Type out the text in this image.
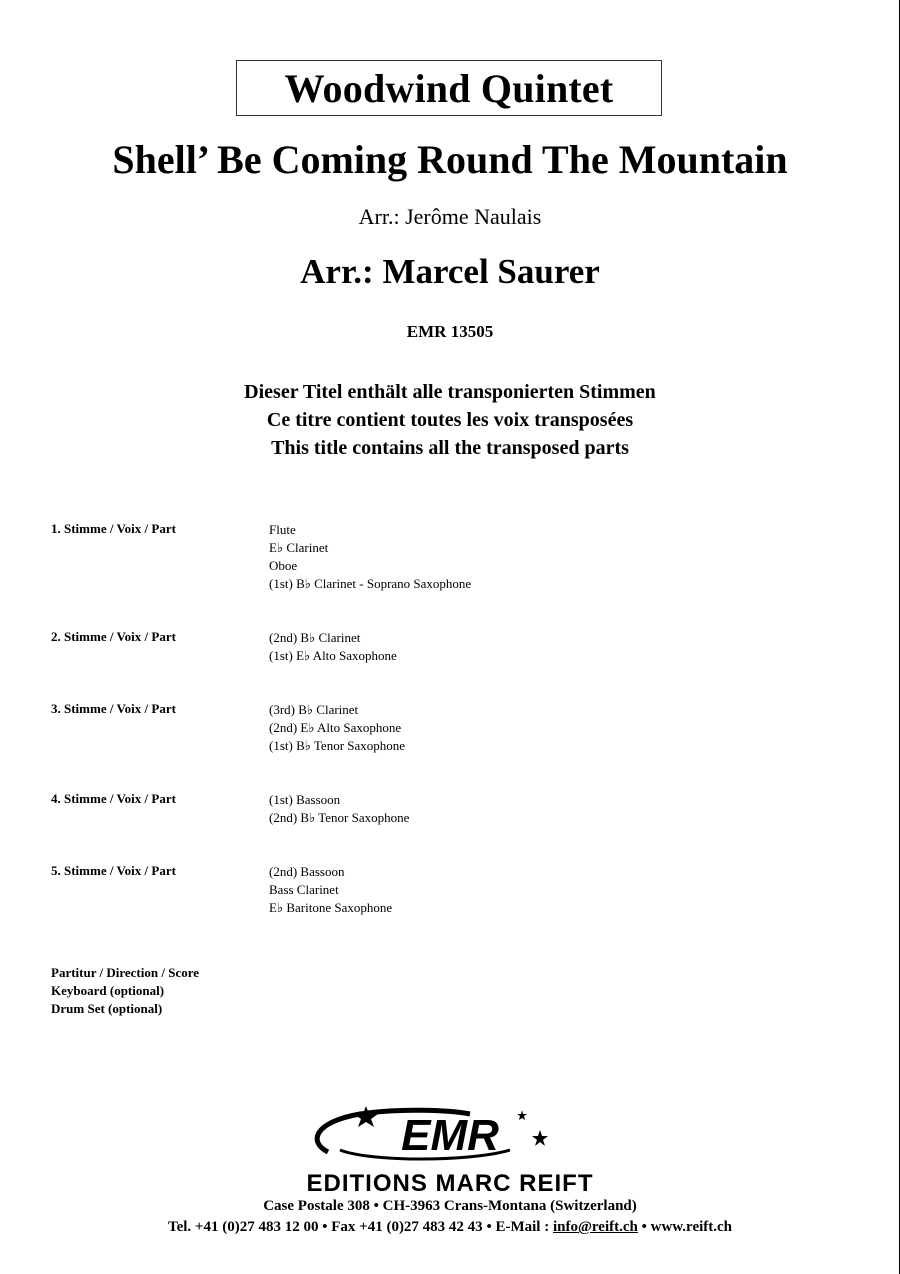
Woodwind Quintet
Shell’ Be Coming Round The Mountain
Arr.: Jerôme Naulais
Arr.: Marcel Saurer
EMR 13505
Dieser Titel enthält alle transponierten Stimmen
Ce titre contient toutes les voix transposées
This title contains all the transposed parts
1. Stimme / Voix / Part	Flute
E♭ Clarinet
Oboe
(1st) B♭ Clarinet - Soprano Saxophone
2. Stimme / Voix / Part	(2nd) B♭ Clarinet
(1st) E♭ Alto Saxophone
3. Stimme / Voix / Part	(3rd) B♭ Clarinet
(2nd) E♭ Alto Saxophone
(1st) B♭ Tenor Saxophone
4. Stimme / Voix / Part	(1st) Bassoon
(2nd) B♭ Tenor Saxophone
5. Stimme / Voix / Part	(2nd) Bassoon
Bass Clarinet
E♭ Baritone Saxophone
Partitur / Direction / Score
Keyboard (optional)
Drum Set (optional)
EMR
EDITIONS MARC REIFT
Case Postale 308 • CH-3963 Crans-Montana (Switzerland)
Tel. +41 (0)27 483 12 00 • Fax +41 (0)27 483 42 43 • E-Mail : info@reift.ch • www.reift.ch
